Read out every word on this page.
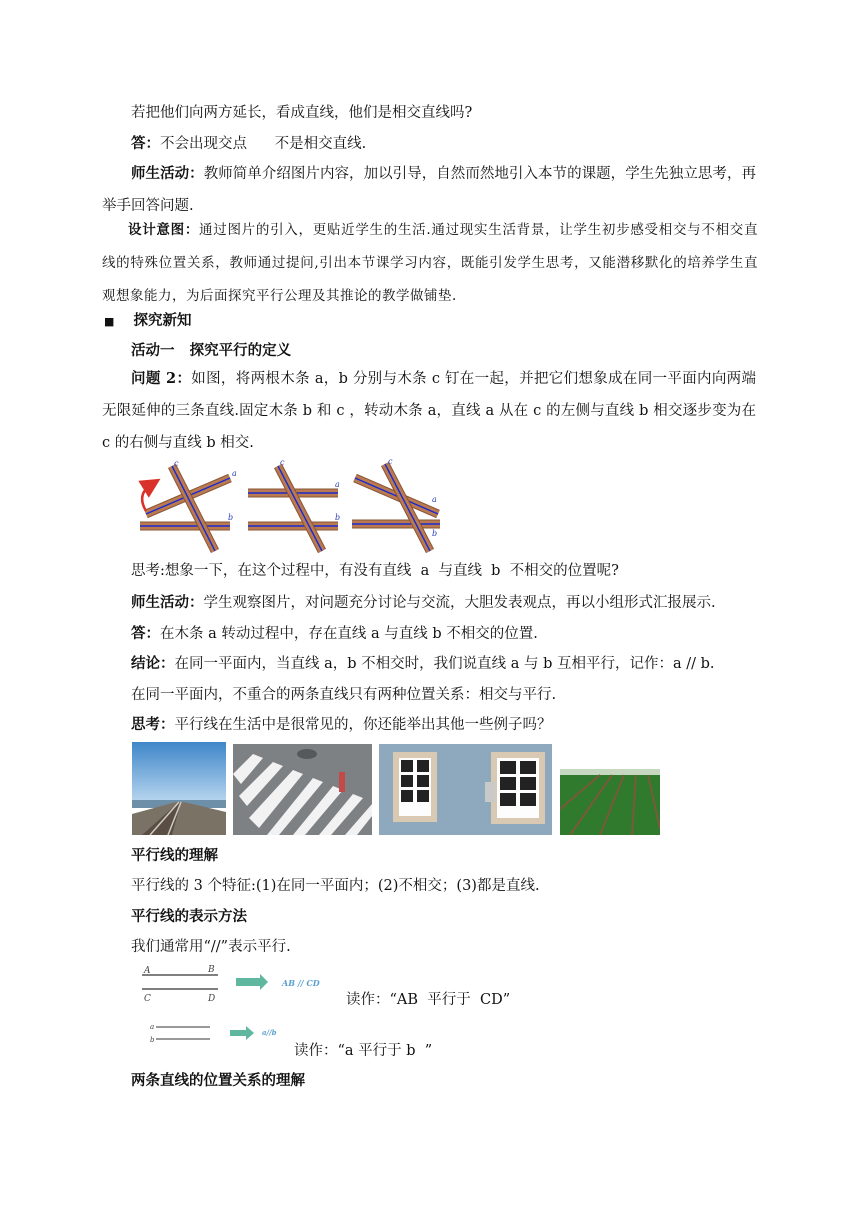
若把他们向两方延长，看成直线，他们是相交直线吗?
答：不会出现交点      不是相交直线.
师生活动：教师简单介绍图片内容，加以引导，自然而然地引入本节的课题，学生先独立思考，再举手回答问题.
设计意图：通过图片的引入，更贴近学生的生活.通过现实生活背景，让学生初步感受相交与不相交直线的特殊位置关系，教师通过提问,引出本节课学习内容，既能引发学生思考，又能潜移默化的培养学生直观想象能力，为后面探究平行公理及其推论的教学做铺垫.
■ 探究新知
活动一   探究平行的定义
问题 2：如图，将两根木条 a，b 分别与木条 c 钉在一起，并把它们想象成在同一平面内向两端无限延伸的三条直线.固定木条 b 和 c ，转动木条 a，直线 a 从在 c 的左侧与直线 b 相交逐步变为在 c 的右侧与直线 b 相交.
c
a
b
c
a
b
c
a
b
思考:想象一下，在这个过程中，有没有直线  a  与直线  b  不相交的位置呢?
师生活动：学生观察图片，对问题充分讨论与交流，大胆发表观点，再以小组形式汇报展示.
答：在木条 a 转动过程中，存在直线 a 与直线 b 不相交的位置.
结论：在同一平面内，当直线 a，b 不相交时，我们说直线 a 与 b 互相平行，记作：a // b.
在同一平面内，不重合的两条直线只有两种位置关系：相交与平行.
思考：平行线在生活中是很常见的，你还能举出其他一些例子吗？
平行线的理解
平行线的 3 个特征:(1)在同一平面内；(2)不相交；(3)都是直线.
平行线的表示方法
我们通常用“//”表示平行.
A	B
C	D
AB // CD
读作：“AB  平行于  CD”
a
b
a//b
读作：“a 平行于 b  ”
两条直线的位置关系的理解
